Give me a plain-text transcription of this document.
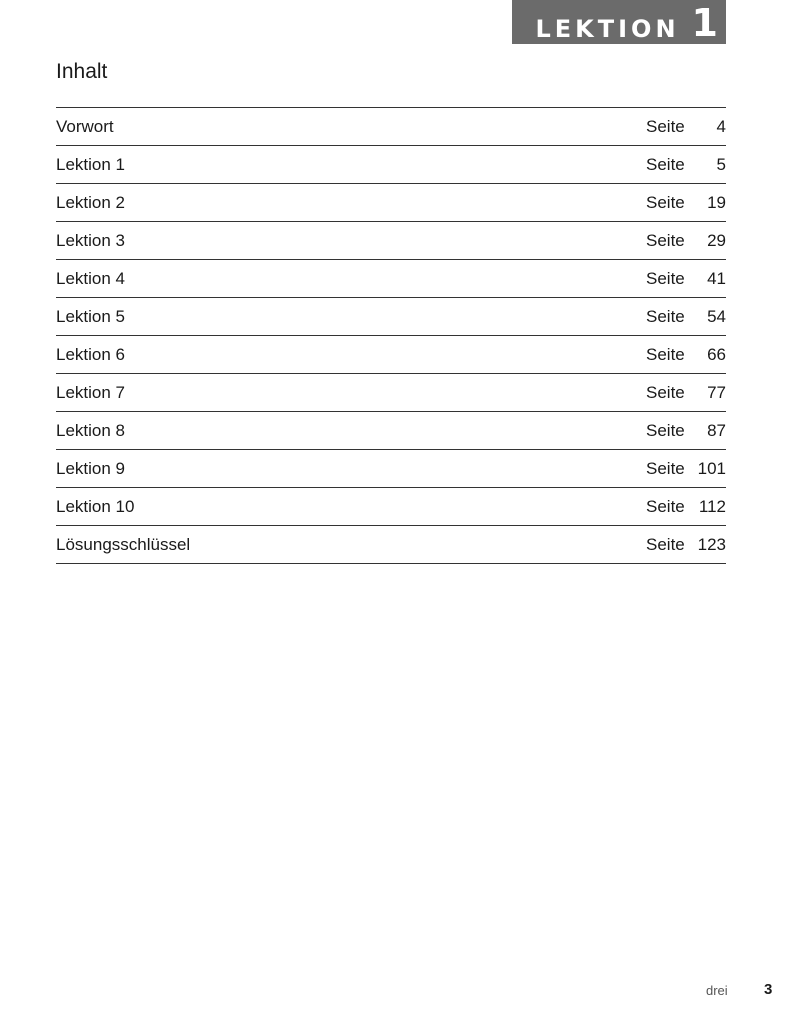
LEKTION 1
Inhalt
Vorwort	Seite	4
Lektion 1	Seite	5
Lektion 2	Seite	19
Lektion 3	Seite	29
Lektion 4	Seite	41
Lektion 5	Seite	54
Lektion 6	Seite	66
Lektion 7	Seite	77
Lektion 8	Seite	87
Lektion 9	Seite 101
Lektion 10	Seite 112
Lösungsschlüssel	Seite 123
drei 3
